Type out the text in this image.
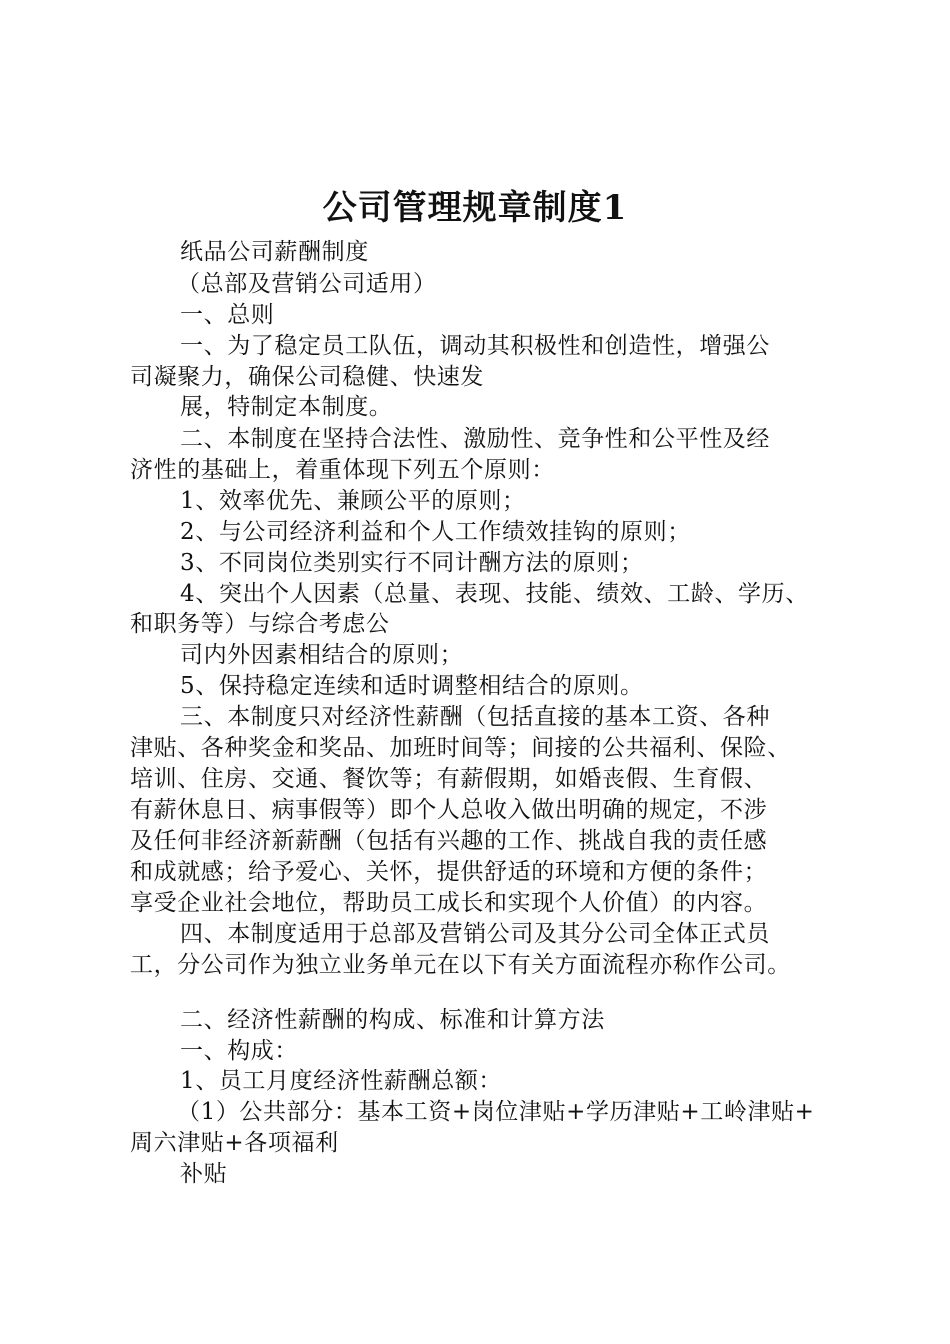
公司管理规章制度1
纸品公司薪酬制度
（总部及营销公司适用）
一、总则
一、为了稳定员工队伍，调动其积极性和创造性，增强公
司凝聚力，确保公司稳健、快速发
展，特制定本制度。
二、本制度在坚持合法性、激励性、竞争性和公平性及经
济性的基础上，着重体现下列五个原则：
1、效率优先、兼顾公平的原则；
2、与公司经济利益和个人工作绩效挂钩的原则；
3、不同岗位类别实行不同计酬方法的原则；
4、突出个人因素（总量、表现、技能、绩效、工龄、学历、
和职务等）与综合考虑公
司内外因素相结合的原则；
5、保持稳定连续和适时调整相结合的原则。
三、本制度只对经济性薪酬（包括直接的基本工资、各种
津贴、各种奖金和奖品、加班时间等；间接的公共福利、保险、
培训、住房、交通、餐饮等；有薪假期，如婚丧假、生育假、
有薪休息日、病事假等）即个人总收入做出明确的规定，不涉
及任何非经济新薪酬（包括有兴趣的工作、挑战自我的责任感
和成就感；给予爱心、关怀，提供舒适的环境和方便的条件；
享受企业社会地位，帮助员工成长和实现个人价值）的内容。
四、本制度适用于总部及营销公司及其分公司全体正式员
工，分公司作为独立业务单元在以下有关方面流程亦称作公司。
二、经济性薪酬的构成、标准和计算方法
一、构成：
1、员工月度经济性薪酬总额：
（1）公共部分：基本工资+岗位津贴+学历津贴+工岭津贴+
周六津贴+各项福利
补贴
